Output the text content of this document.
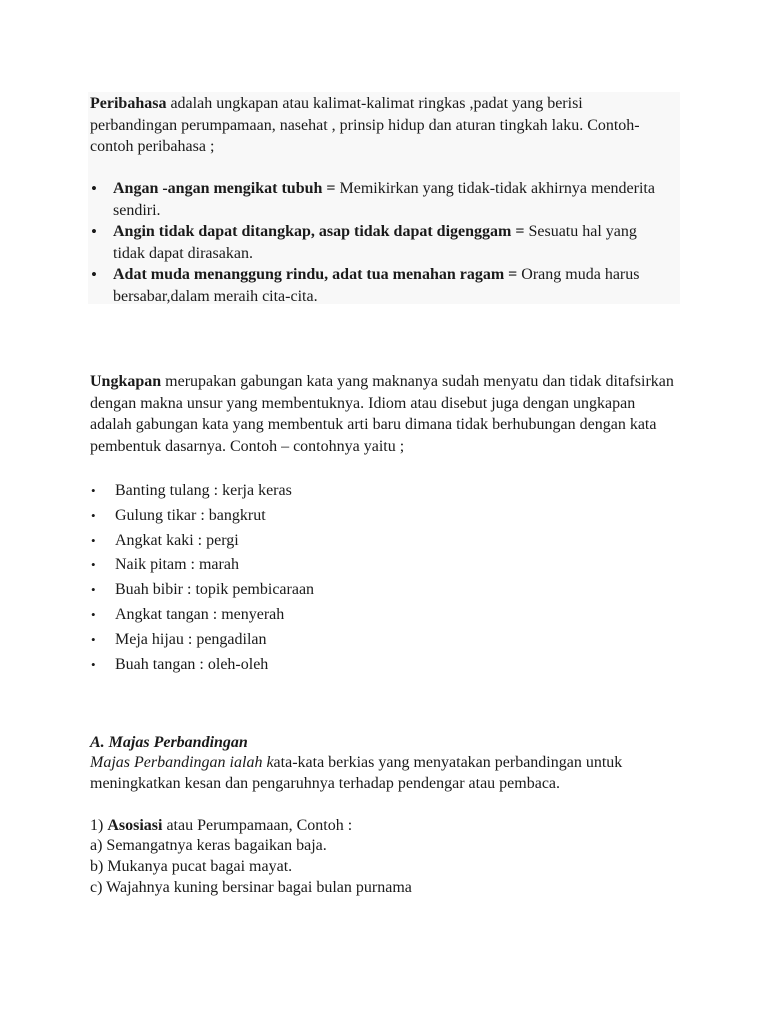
Peribahasa adalah ungkapan atau kalimat-kalimat ringkas ,padat yang berisi perbandingan perumpamaan, nasehat , prinsip hidup dan aturan tingkah laku. Contoh-contoh peribahasa ;

• Angan -angan mengikat tubuh = Memikirkan yang tidak-tidak akhirnya menderita sendiri.
• Angin tidak dapat ditangkap, asap tidak dapat digenggam = Sesuatu hal yang tidak dapat dirasakan.
• Adat muda menanggung rindu, adat tua menahan ragam = Orang muda harus bersabar,dalam meraih cita-cita.

Ungkapan merupakan gabungan kata yang maknanya sudah menyatu dan tidak ditafsirkan dengan makna unsur yang membentuknya. Idiom atau disebut juga dengan ungkapan adalah gabungan kata yang membentuk arti baru dimana tidak berhubungan dengan kata pembentuk dasarnya. Contoh – contohnya yaitu ;

• Banting tulang : kerja keras
• Gulung tikar : bangkrut
• Angkat kaki : pergi
• Naik pitam : marah
• Buah bibir : topik pembicaraan
• Angkat tangan : menyerah
• Meja hijau : pengadilan
• Buah tangan : oleh-oleh

A. Majas Perbandingan

Majas Perbandingan ialah kata-kata berkias yang menyatakan perbandingan untuk meningkatkan kesan dan pengaruhnya terhadap pendengar atau pembaca.

1) Asosiasi atau Perumpamaan, Contoh :

a) Semangatnya keras bagaikan baja.

b) Mukanya pucat bagai mayat.

c) Wajahnya kuning bersinar bagai bulan purnama
